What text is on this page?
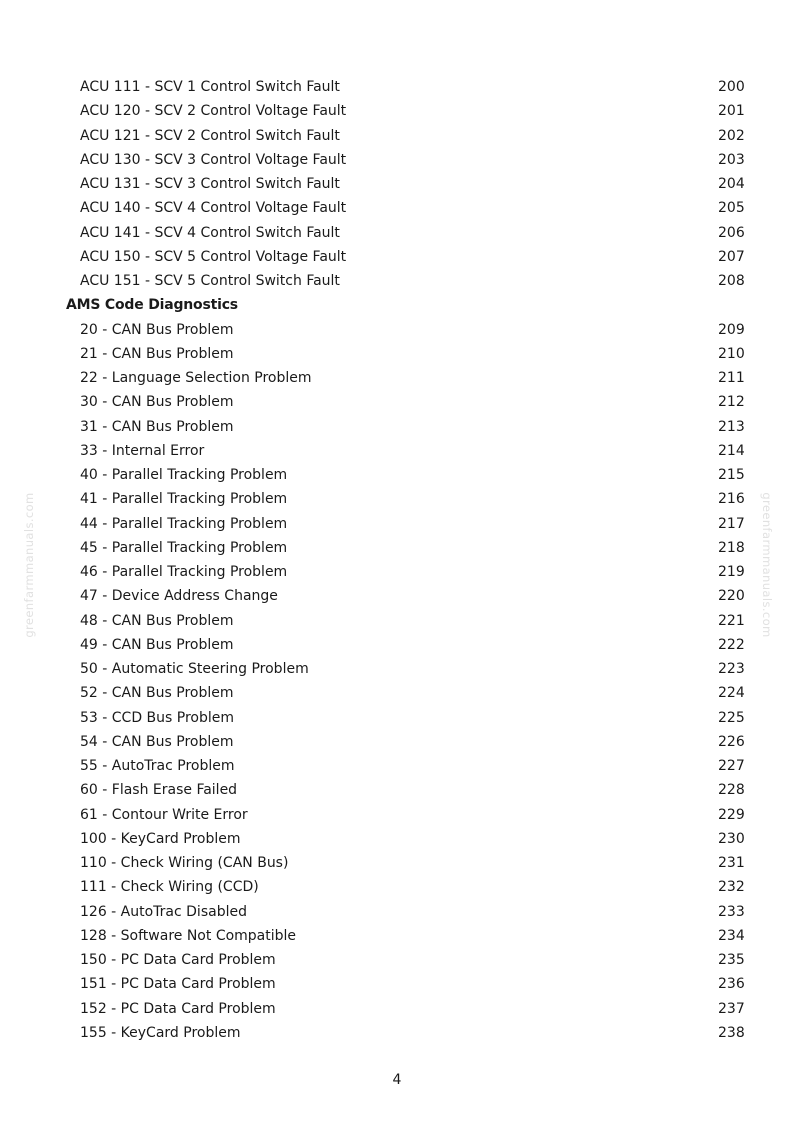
ACU 111 - SCV 1 Control Switch Fault	200
ACU 120 - SCV 2 Control Voltage Fault	201
ACU 121 - SCV 2 Control Switch Fault	202
ACU 130 - SCV 3 Control Voltage Fault	203
ACU 131 - SCV 3 Control Switch Fault	204
ACU 140 - SCV 4 Control Voltage Fault	205
ACU 141 - SCV 4 Control Switch Fault	206
ACU 150 - SCV 5 Control Voltage Fault	207
ACU 151 - SCV 5 Control Switch Fault	208
AMS Code Diagnostics
20 - CAN Bus Problem	209
21 - CAN Bus Problem	210
22 - Language Selection Problem	211
30 - CAN Bus Problem	212
31 - CAN Bus Problem	213
33 - Internal Error	214
40 - Parallel Tracking Problem	215
41 - Parallel Tracking Problem	216
44 - Parallel Tracking Problem	217
45 - Parallel Tracking Problem	218
46 - Parallel Tracking Problem	219
47 - Device Address Change	220
48 - CAN Bus Problem	221
49 - CAN Bus Problem	222
50 - Automatic Steering Problem	223
52 - CAN Bus Problem	224
53 - CCD Bus Problem	225
54 - CAN Bus Problem	226
55 - AutoTrac Problem	227
60 - Flash Erase Failed	228
61 - Contour Write Error	229
100 - KeyCard Problem	230
110 - Check Wiring (CAN Bus)	231
111 - Check Wiring (CCD)	232
126 - AutoTrac Disabled	233
128 - Software Not Compatible	234
150 - PC Data Card Problem	235
151 - PC Data Card Problem	236
152 - PC Data Card Problem	237
155 - KeyCard Problem	238
4
greenfarmmanuals.com	greenfarmmanuals.com
